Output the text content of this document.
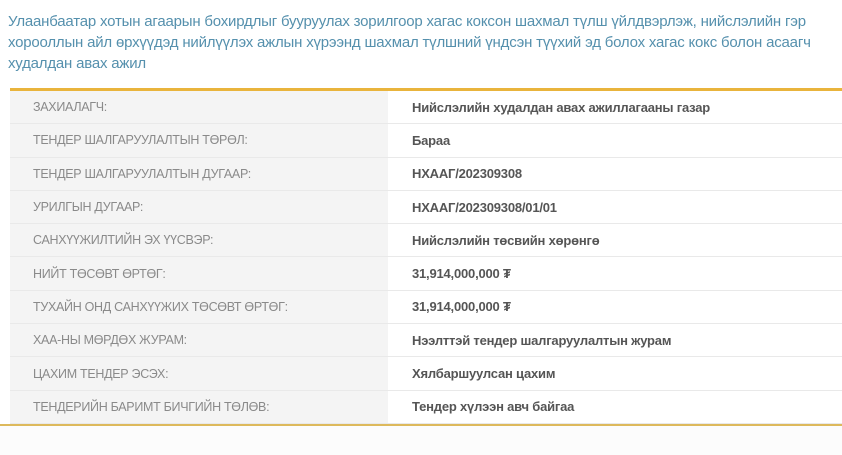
Улаанбаатар хотын агаарын бохирдлыг бууруулах зорилгоор хагас коксон шахмал түлш үйлдвэрлэж, нийслэлийн гэр хорооллын айл өрхүүдэд нийлүүлэх ажлын хүрээнд шахмал түлшний үндсэн түүхий эд болох хагас кокс болон асаагч худалдан авах ажил
ЗАХИАЛАГЧ:	Нийслэлийн худалдан авах ажиллагааны газар
ТЕНДЕР ШАЛГАРУУЛАЛТЫН ТӨРӨЛ:	Бараа
ТЕНДЕР ШАЛГАРУУЛАЛТЫН ДУГААР:	НХААГ/202309308
УРИЛГЫН ДУГААР:	НХААГ/202309308/01/01
САНХҮҮЖИЛТИЙН ЭХ ҮҮСВЭР:	Нийслэлийн төсвийн хөрөнгө
НИЙТ ТӨСӨВТ ӨРТӨГ:	31,914,000,000 ₮
ТУХАЙН ОНД САНХҮҮЖИХ ТӨСӨВТ ӨРТӨГ:	31,914,000,000 ₮
ХАА-НЫ МӨРДӨХ ЖУРАМ:	Нээлттэй тендер шалгаруулалтын журам
ЦАХИМ ТЕНДЕР ЭСЭХ:	Хялбаршуулсан цахим
ТЕНДЕРИЙН БАРИМТ БИЧГИЙН ТӨЛӨВ:	Тендер хүлээн авч байгаа
